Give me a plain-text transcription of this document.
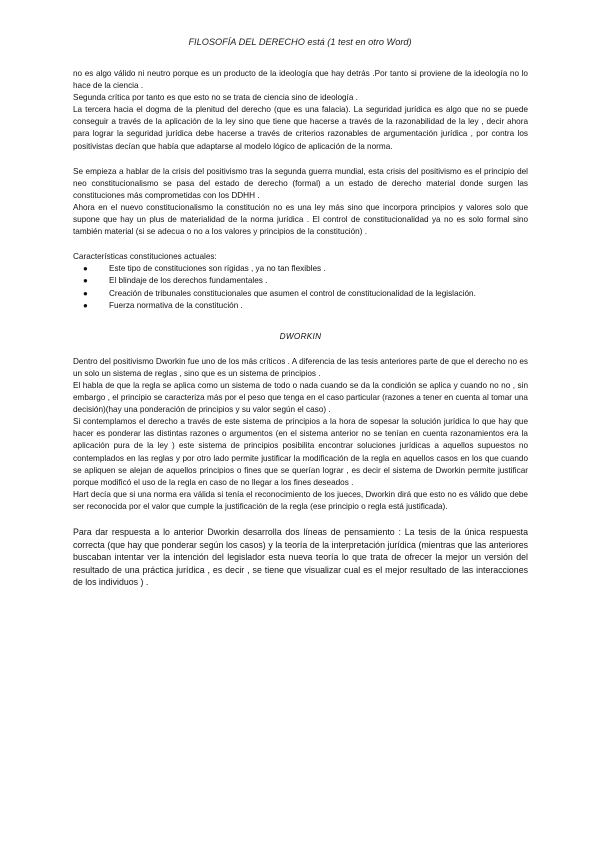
FILOSOFÍA DEL DERECHO está (1 test en otro Word)

no es algo válido ni neutro porque es un producto de la ideología que hay detrás .Por tanto si proviene de la ideología no lo hace de la ciencia .

Segunda crítica por tanto es que esto no se trata de ciencia sino de ideología .

La tercera hacia el dogma de la plenitud del derecho (que es una falacia). La seguridad jurídica es algo que no se puede conseguir a través de la aplicación de la ley sino que tiene que hacerse a través de la razonabilidad de la ley , decir ahora para lograr la seguridad jurídica debe hacerse a través de criterios razonables de argumentación jurídica , por contra los positivistas decían que había que adaptarse al modelo lógico de aplicación de la norma.

Se empieza a hablar de la crisis del positivismo tras la segunda guerra mundial, esta crisis del positivismo es el principio del neo constitucionalismo se pasa del estado de derecho (formal) a un estado de derecho material donde surgen las constituciones más comprometidas con los DDHH .

Ahora en el nuevo constitucionalismo la constitución no es una ley más sino que incorpora principios y valores solo que supone que hay un plus de materialidad de la norma jurídica . El control de constitucionalidad ya no es solo formal sino también material (si se adecua o no a los valores y principios de la constitución) .

Características constituciones actuales:

●	Este tipo de constituciones son rígidas , ya no tan flexibles .
●	El blindaje de los derechos fundamentales .
●	Creación de tribunales constitucionales que asumen el control de constitucionalidad de la legislación.
●	Fuerza normativa de la constitución .

DWORKIN

Dentro del positivismo Dworkin fue uno de los más críticos . A diferencia de las tesis anteriores parte de que el derecho no es un solo un sistema de reglas , sino que es un sistema de principios .

El habla de que la regla se aplica como un sistema de todo o nada cuando se da la condición se aplica y cuando no no , sin embargo , el principio se caracteriza más por el peso que tenga en el caso particular (razones a tener en cuenta al tomar una decisión)(hay una ponderación de principios y su valor según el caso) .

Si contemplamos el derecho a través de este sistema de principios a la hora de sopesar la solución jurídica lo que hay que hacer es ponderar las distintas razones o argumentos (en el sistema anterior no se tenían en cuenta razonamientos era la aplicación pura de la ley ) este sistema de principios posibilita encontrar soluciones jurídicas a aquellos supuestos no contemplados en las reglas y por otro lado permite justificar la modificación de la regla en aquellos casos en los que cuando se apliquen se alejan de aquellos principios o fines que se querían lograr , es decir el sistema de Dworkin permite justificar porque modificó el uso de la regla en caso de no llegar a los fines deseados .

Hart decía que si una norma era válida si tenía el reconocimiento de los jueces, Dworkin dirá que esto no es válido que debe ser reconocida por el valor que cumple la justificación de la regla (ese principio o regla está justificada).

Para dar respuesta a lo anterior Dworkin desarrolla dos líneas de pensamiento : La tesis de la única respuesta correcta (que hay que ponderar según los casos) y la teoría de la interpretación jurídica (mientras que las anteriores buscaban intentar ver la intención del legislador esta nueva teoría lo que trata de ofrecer la mejor un versión del resultado de una práctica jurídica , es decir , se tiene que visualizar cual es el mejor resultado de las interacciones de los individuos ) .
